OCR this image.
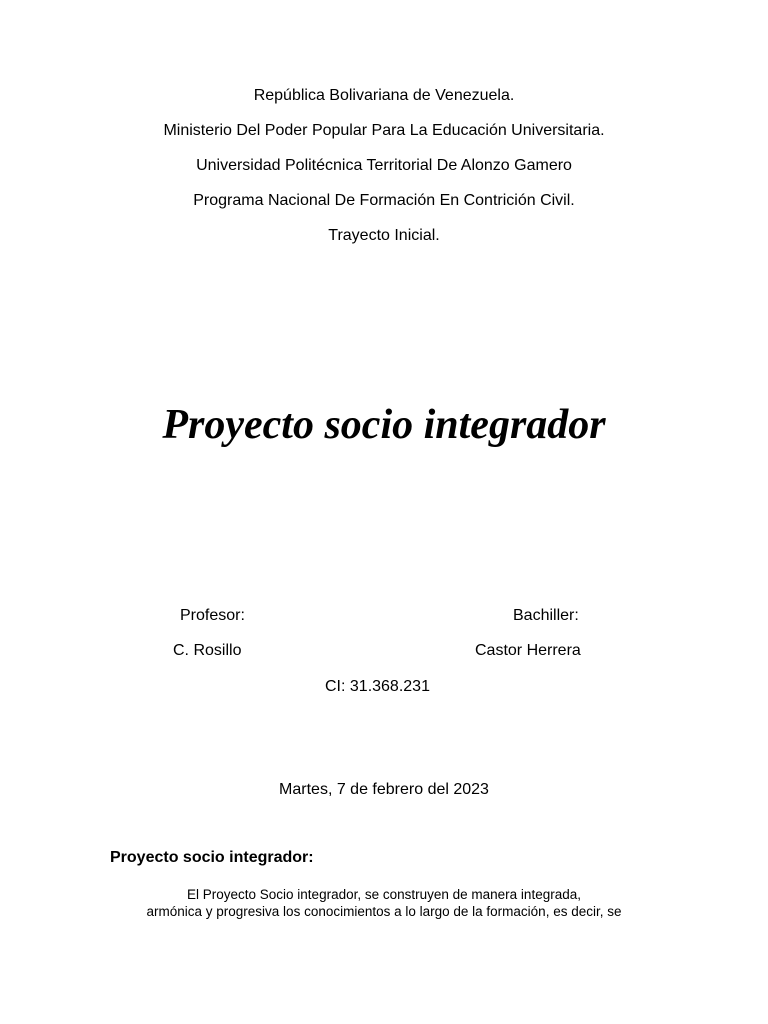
República Bolivariana de Venezuela.
Ministerio Del Poder Popular Para La Educación Universitaria.
Universidad Politécnica Territorial De Alonzo Gamero
Programa Nacional De Formación En Contrición Civil.
Trayecto Inicial.
Proyecto socio integrador
Profesor:	Bachiller:
C. Rosillo	Castor Herrera
CI: 31.368.231
Martes, 7 de febrero del 2023
Proyecto socio integrador:
El Proyecto Socio integrador, se construyen de manera integrada,
armónica y progresiva los conocimientos a lo largo de la formación, es decir, se
